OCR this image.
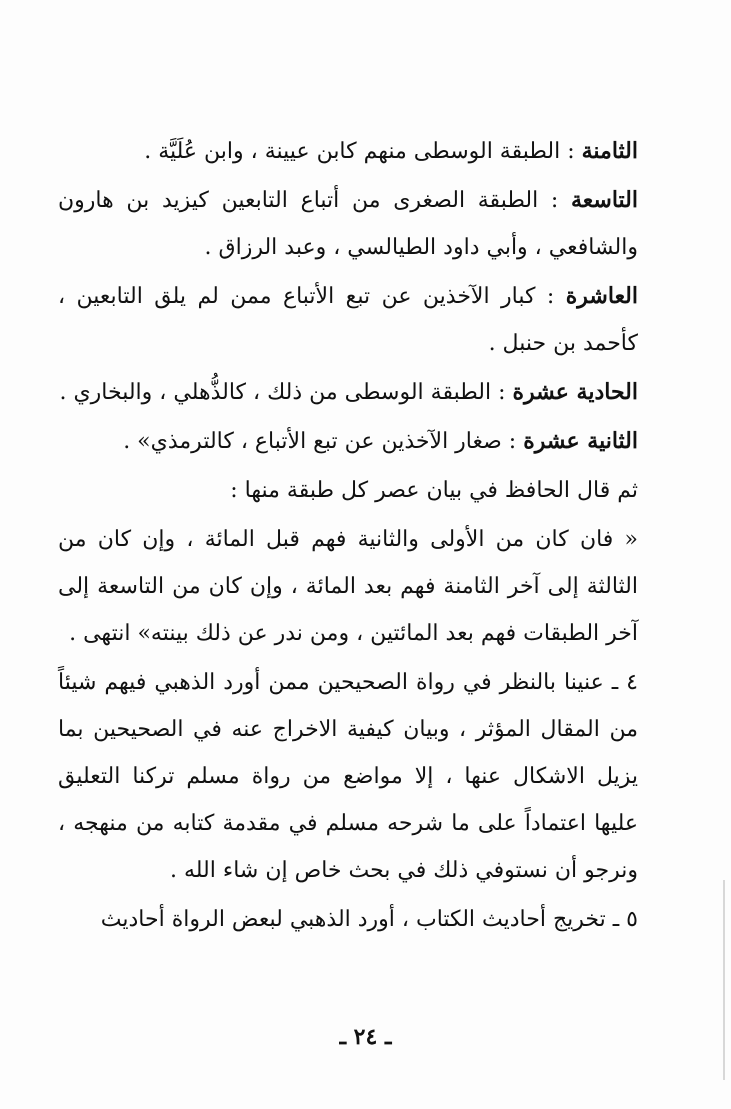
الثامنة : الطبقة الوسطى منهم كابن عيينة ، وابن عُلَيَّة .

التاسعة : الطبقة الصغرى من أتباع التابعين كيزيد بن هارون والشافعي ، وأبي داود الطيالسي ، وعبد الرزاق .

العاشرة : كبار الآخذين عن تبع الأتباع ممن لم يلق التابعين ، كأحمد بن حنبل .

الحادية عشرة : الطبقة الوسطى من ذلك ، كالذُّهلي ، والبخاري .

الثانية عشرة : صغار الآخذين عن تبع الأتباع ، كالترمذي» .

ثم قال الحافظ في بيان عصر كل طبقة منها :

« فان كان من الأولى والثانية فهم قبل المائة ، وإن كان من الثالثة إلى آخر الثامنة فهم بعد المائة ، وإن كان من التاسعة إلى آخر الطبقات فهم بعد المائتين ، ومن ندر عن ذلك بينته» انتهى .

٤ ـ عنينا بالنظر في رواة الصحيحين ممن أورد الذهبي فيهم شيئاً من المقال المؤثر ، وبيان كيفية الاخراج عنه في الصحيحين بما يزيل الاشكال عنها ، إلا مواضع من رواة مسلم تركنا التعليق عليها اعتماداً على ما شرحه مسلم في مقدمة كتابه من منهجه ، ونرجو أن نستوفي ذلك في بحث خاص إن شاء الله .

٥ ـ تخريج أحاديث الكتاب ، أورد الذهبي لبعض الرواة أحاديث

ـ ٢٤ ـ
